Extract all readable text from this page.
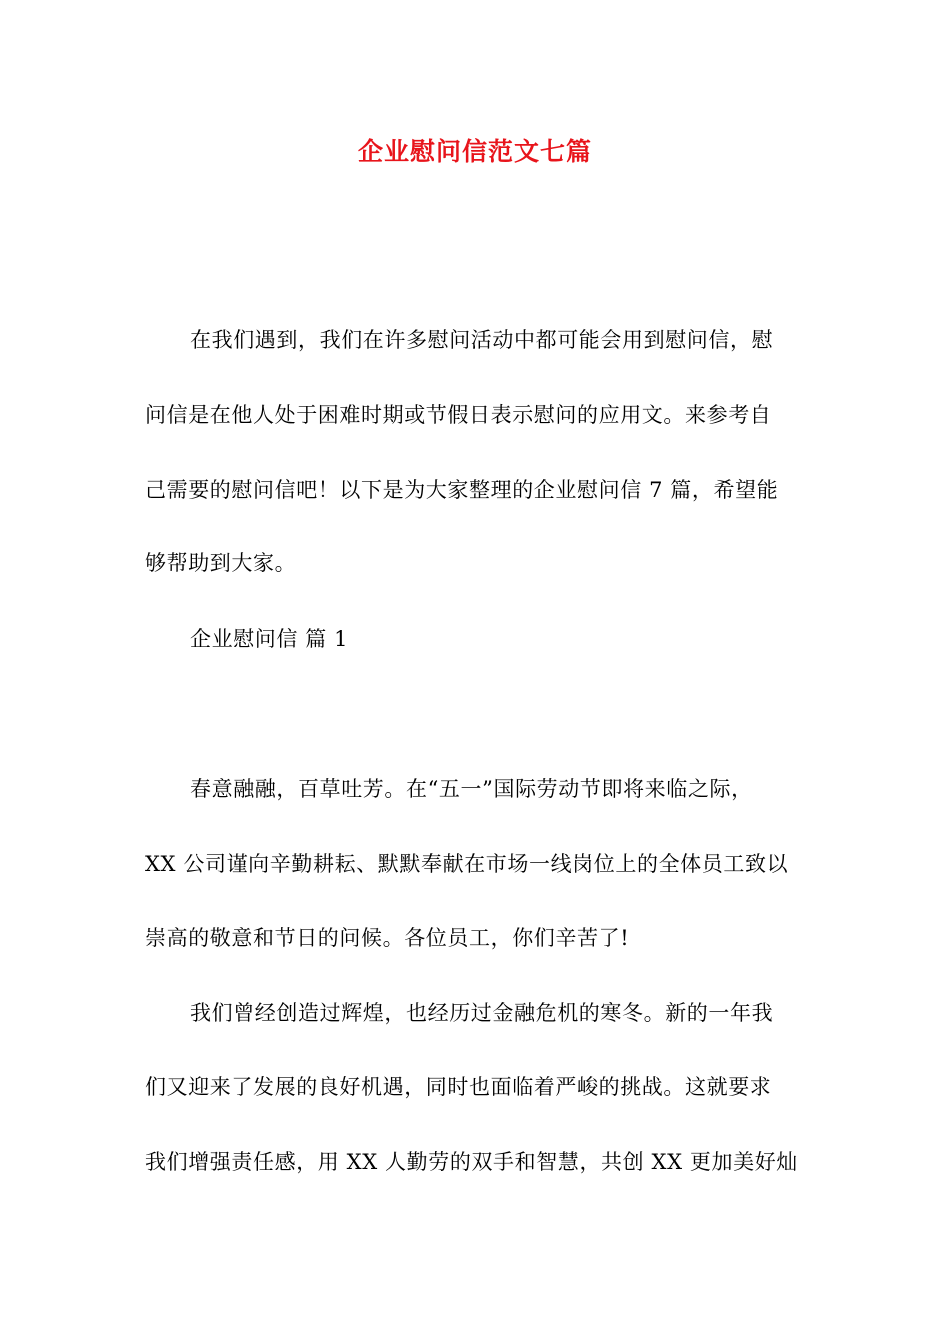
企业慰问信范文七篇
在我们遇到，我们在许多慰问活动中都可能会用到慰问信，慰
问信是在他人处于困难时期或节假日表示慰问的应用文。来参考自
己需要的慰问信吧！以下是为大家整理的企业慰问信 7 篇，希望能
够帮助到大家。
企业慰问信 篇 1
春意融融，百草吐芳。在“五一”国际劳动节即将来临之际，
XX 公司谨向辛勤耕耘、默默奉献在市场一线岗位上的全体员工致以
崇高的敬意和节日的问候。各位员工，你们辛苦了!
我们曾经创造过辉煌，也经历过金融危机的寒冬。新的一年我
们又迎来了发展的良好机遇，同时也面临着严峻的挑战。这就要求
我们增强责任感，用 XX 人勤劳的双手和智慧，共创 XX 更加美好灿
